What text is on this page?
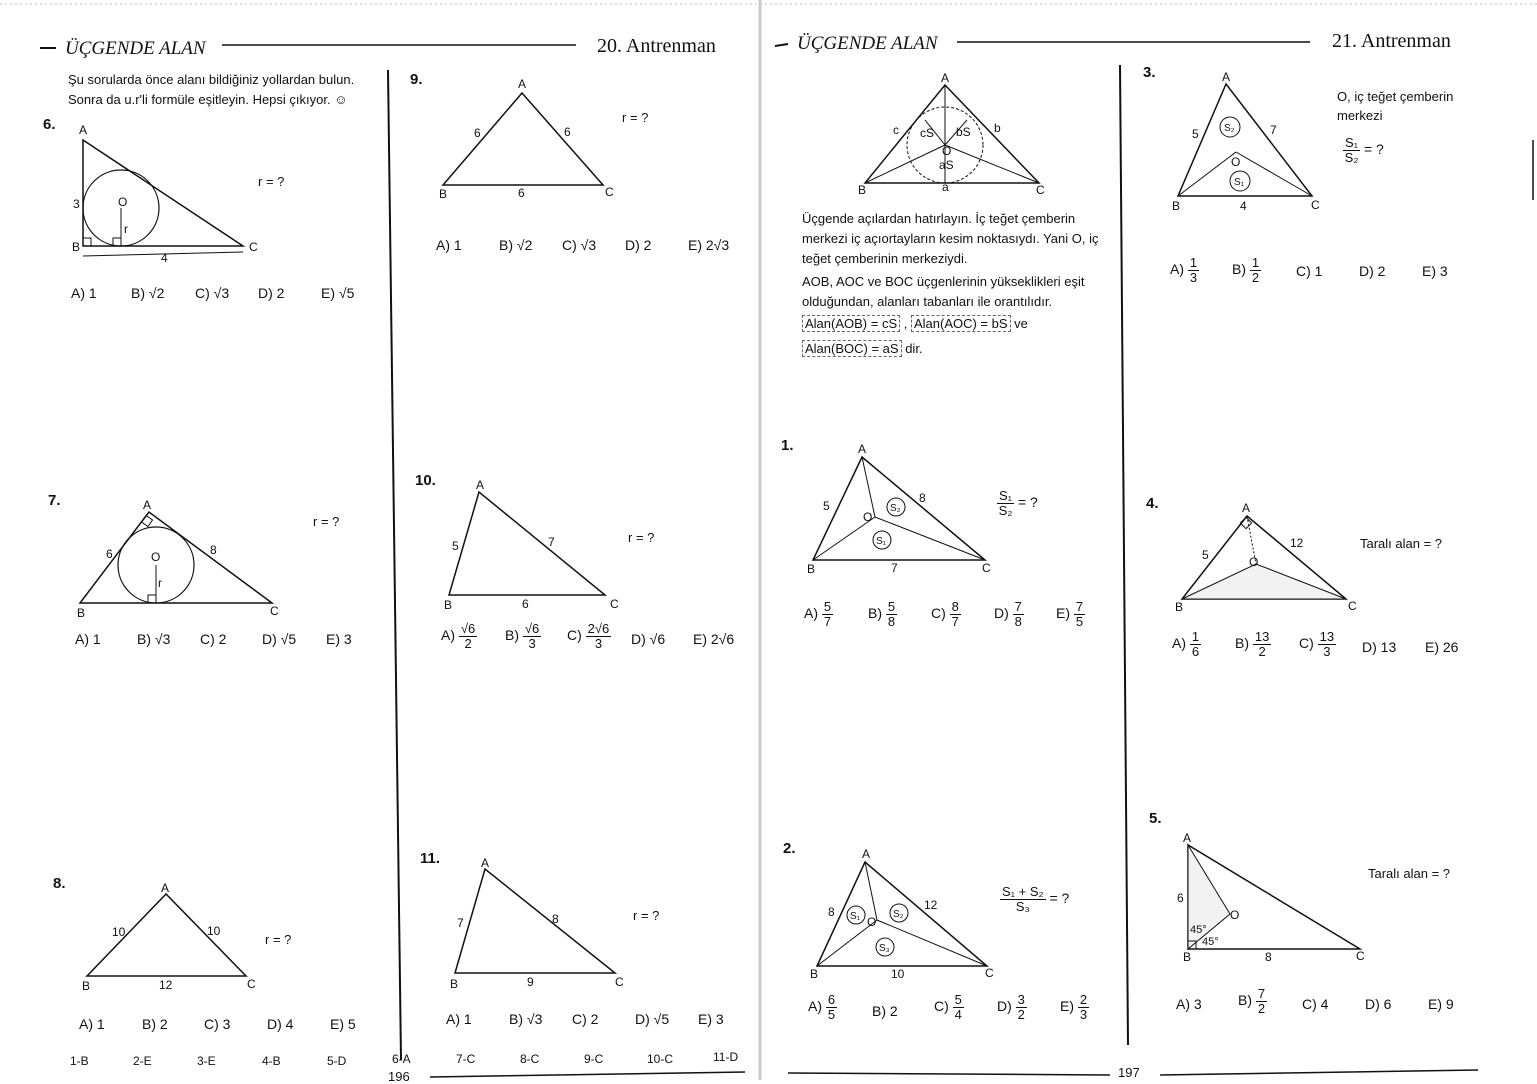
ÜÇGENDE ALAN	20. Antrenman
Şu sorularda önce alanı bildiğiniz yollardan bulun.
Sonra da u.r'li formüle eşitleyin. Hepsi çıkıyor. ☺
6. A
B	C
O
r
3
4
r = ?
A) 1 B) √2 C) √3 D) 2	E) √5
7.	A
B	C
O
r
6	8
r = ?
A) 1	B) √3 C) 2	D) √5 E) 3
8.	A
B	C
10	10
12
r = ?
A) 1	B) 2	C) 3	D) 4	E) 5
9.	A
B	C
6	6
6
r = ?
A) 1	B) √2 C) √3 D) 2	E) 2√3
10.	A
B	C
5	7
6
r = ?
$A) \frac{√6}{2} B) \frac{√6}{3} C) \frac{2√6}{3} D$) √6 E) 2√6
11.	A
B	C
7	8
9
r = ?
A) 1	B) √3 C) 2	D) √5 E) 3
1-B	2-E	3-E	4-B	5-D	6-A	7-C	8-C	9-C	10-C	11-D
196
ÜÇGENDE ALAN	21. Antrenman
A
B	C
O
a
b
c cS bS
aS
Üçgende açılardan hatırlayın. İç teğet çemberin
merkezi iç açıortayların kesim noktasıydı. Yani O, iç
teğet çemberinin merkeziydi.
AOB, AOC ve BOC üçgenlerinin yükseklikleri eşit
olduğundan, alanları tabanları ile orantılıdır.
Alan(AOB) = cS , Alan(AOC) = bS ve
Alan(BOC) = aS dir.
1.	A
B	C
O
5
8
7
S₂
S₁
$\frac{\text{S₁}}{\text{S₂}}$ = ?
$A) \frac{5}{7} B) \frac{5}{8} C) \frac{8}{7} D) \frac{7}{8} E) \frac{7}{5}$
2.	A
B	C
O
8	12
10
S₁	S₂
S₃
$\frac{\text{S₁ + S₂}}{\text{S₃}}$ = ?
$A) \frac{6}{5} B$) 2	$C) \frac{5}{4} D) \frac{3}{2} E) \frac{2}{3}$
3.	A
B	C
O
5	7
4
S₂
S₁
O, iç teğet çemberin
merkezi
$\frac{\text{S₁}}{\text{S₂}}$ = ?
$A) \frac{1}{3} B) \frac{1}{2} C$) 1	D) 2	E) 3
4.	A
B	C
O
5
12	Taralı alan = ?
$A) \frac{1}{6} B) \frac{13}{2} C) \frac{13}{3} D$) 13 E) 26
5.
A
B	C
O
6
8
45°
45°
Taralı alan = ?
A) 3	$B) \frac{7}{2} C$) 4	D) 6	E) 9
197
